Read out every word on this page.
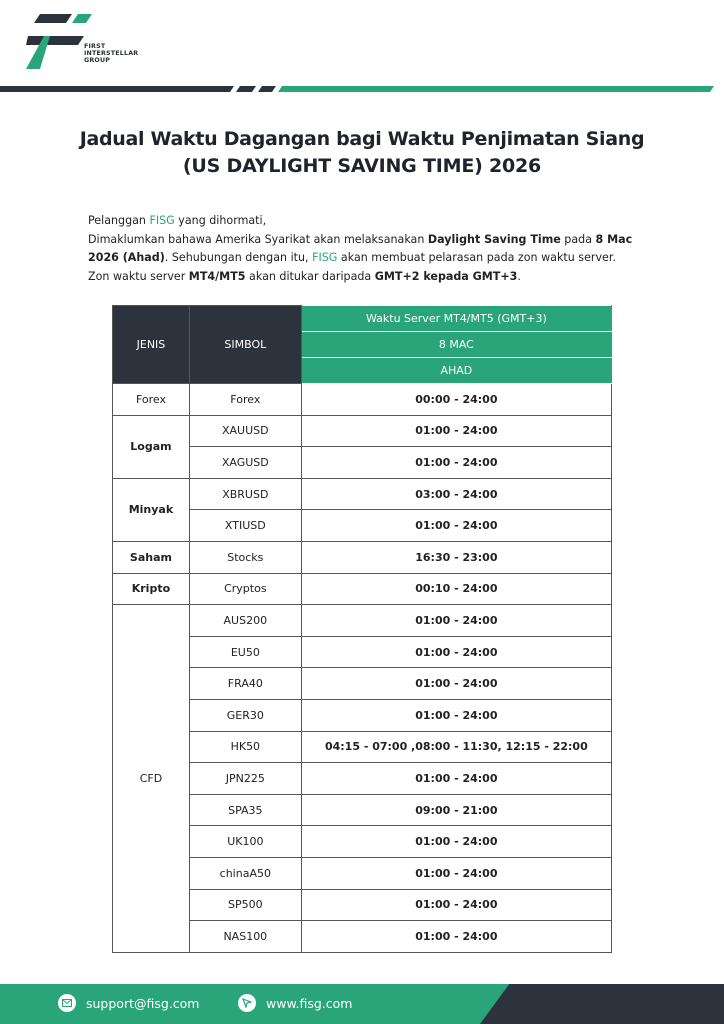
FIRST
INTERSTELLAR
GROUP
Jadual Waktu Dagangan bagi Waktu Penjimatan Siang
(US DAYLIGHT SAVING TIME) 2026

Pelanggan FISG yang dihormati,

Dimaklumkan bahawa Amerika Syarikat akan melaksanakan Daylight Saving Time pada 8 Mac 2026 (Ahad). Sehubungan dengan itu, FISG akan membuat pelarasan pada zon waktu server.

Zon waktu server MT4/MT5 akan ditukar daripada GMT+2 kepada GMT+3.

JENIS	SIMBOL	Waktu Server MT4/MT5 (GMT+3)
		8 MAC
		AHAD
Forex	Forex	00:00 - 24:00
Logam	XAUUSD	01:00 - 24:00
	XAGUSD	01:00 - 24:00
Minyak	XBRUSD	03:00 - 24:00
	XTIUSD	01:00 - 24:00
Saham	Stocks	16:30 - 23:00
Kripto	Cryptos	00:10 - 24:00
CFD	AUS200	01:00 - 24:00
	EU50	01:00 - 24:00
	FRA40	01:00 - 24:00
	GER30	01:00 - 24:00
	HK50	04:15 - 07:00 ,08:00 - 11:30, 12:15 - 22:00
	JPN225	01:00 - 24:00
	SPA35	09:00 - 21:00
	UK100	01:00 - 24:00
	chinaA50	01:00 - 24:00
	SP500	01:00 - 24:00
	NAS100	01:00 - 24:00
support@fisg.com	www.fisg.com
